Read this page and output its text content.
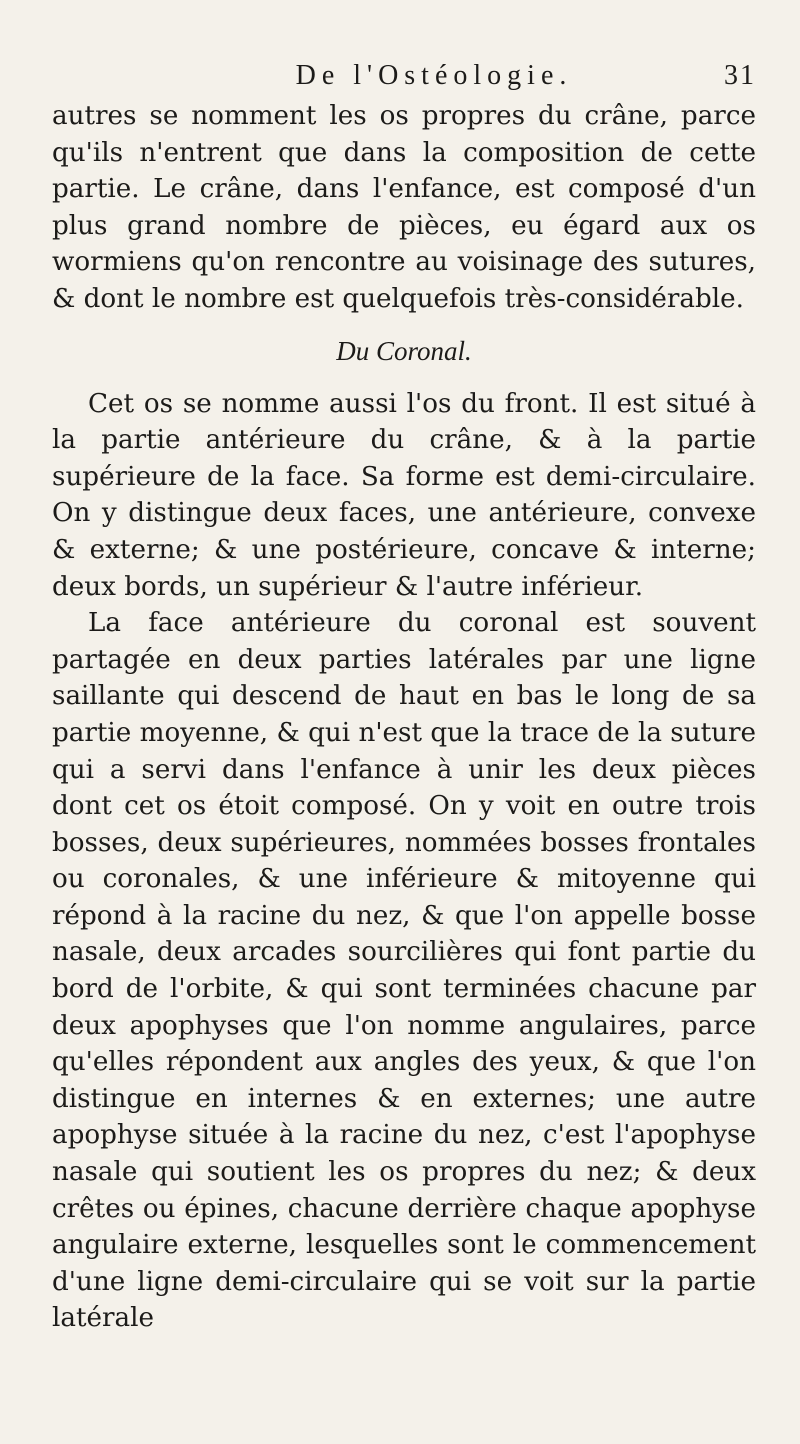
De l'Ostéologie.	31

autres se nomment les os propres du crâne, parce qu'ils n'entrent que dans la composition de cette partie. Le crâne, dans l'enfance, est composé d'un plus grand nombre de pièces, eu égard aux os wormiens qu'on rencontre au voisinage des sutures, & dont le nombre est quelquefois très-considérable.

Du Coronal.

Cet os se nomme aussi l'os du front. Il est situé à la partie antérieure du crâne, & à la partie supérieure de la face. Sa forme est demi-circulaire. On y distingue deux faces, une antérieure, convexe & externe; & une postérieure, concave & interne; deux bords, un supérieur & l'autre inférieur.

La face antérieure du coronal est souvent partagée en deux parties latérales par une ligne saillante qui descend de haut en bas le long de sa partie moyenne, & qui n'est que la trace de la suture qui a servi dans l'enfance à unir les deux pièces dont cet os étoit composé. On y voit en outre trois bosses, deux supérieures, nommées bosses frontales ou coronales, & une inférieure & mitoyenne qui répond à la racine du nez, & que l'on appelle bosse nasale, deux arcades sourcilières qui font partie du bord de l'orbite, & qui sont terminées chacune par deux apophyses que l'on nomme angulaires, parce qu'elles répondent aux angles des yeux, & que l'on distingue en internes & en externes; une autre apophyse située à la racine du nez, c'est l'apophyse nasale qui soutient les os propres du nez; & deux crêtes ou épines, chacune derrière chaque apophyse angulaire externe, lesquelles sont le commencement d'une ligne demi-circulaire qui se voit sur la partie latérale
